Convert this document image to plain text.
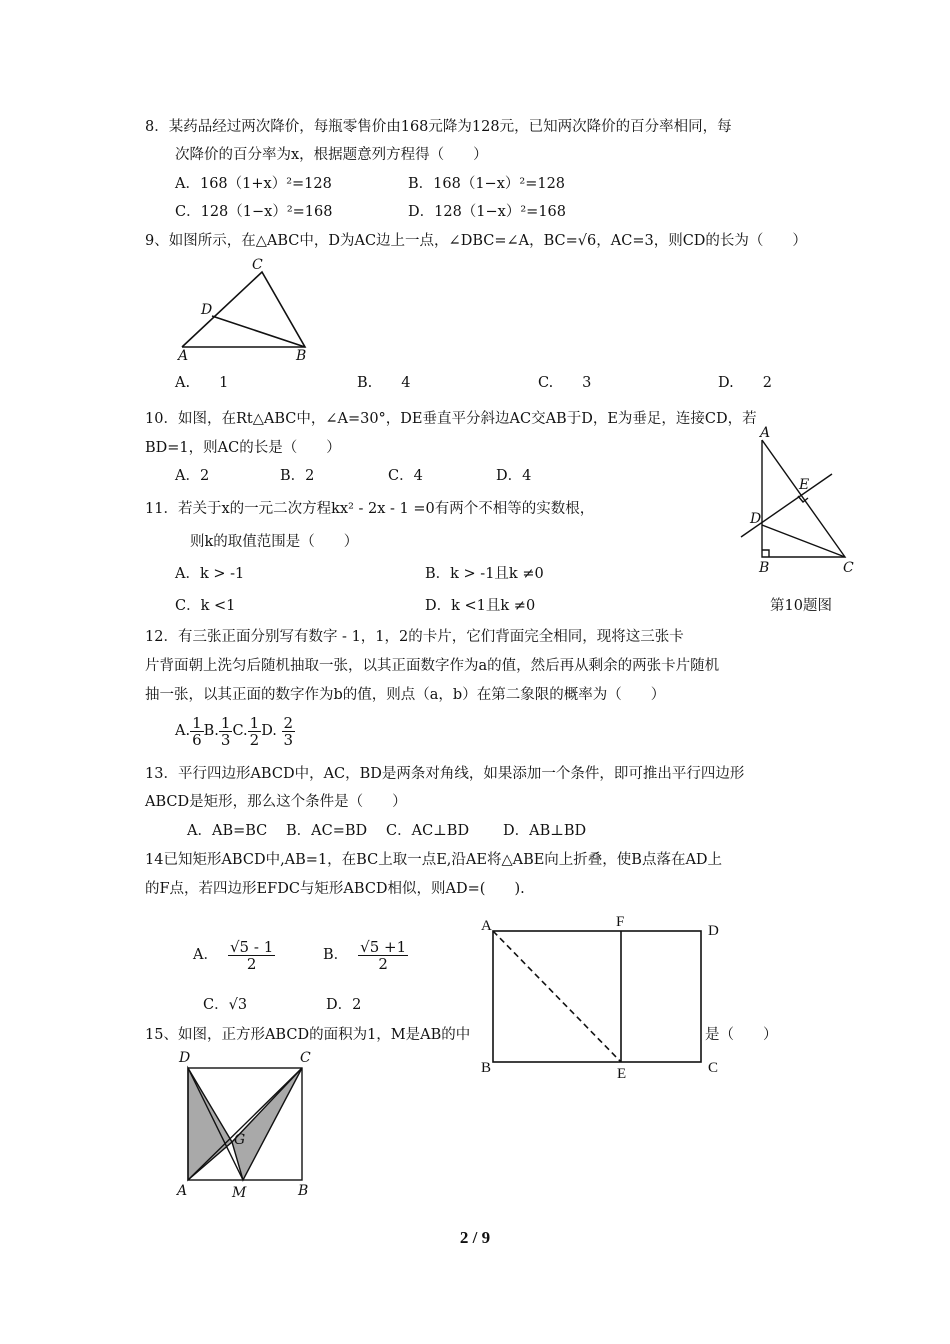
8．某药品经过两次降价，每瓶零售价由168元降为128元，已知两次降价的百分率相同，每
次降价的百分率为x，根据题意列方程得（　　）
A．168（1+x）²=128	B．168（1−x）²=128
C．128（1−x）²=168	D．128（1−x）²=168
9、如图所示，在△ABC中，D为AC边上一点，∠DBC=∠A，BC=√6，AC=3，则CD的长为（　　）
C
D
A	B
A.　　1	B.　　4	C.　　3	D.　　2
10．如图，在Rt△ABC中，∠A=30°，DE垂直平分斜边AC交AB于D，E为垂足，连接CD，若
BD=1，则AC的长是（　　）
A．2	B．2	C．4	D．4
A
E
D
B	C
第10题图
11．若关于x的一元二次方程kx² - 2x - 1 =0有两个不相等的实数根，
则k的取值范围是（　　）
A．k > -1	B．k > -1且k ≠0
C．k <1	D．k <1且k ≠0
12．有三张正面分别写有数字 - 1，1，2的卡片，它们背面完全相同，现将这三张卡
片背面朝上洗匀后随机抽取一张，以其正面数字作为a的值，然后再从剩余的两张卡片随机
抽一张，以其正面的数字作为b的值，则点（a，b）在第二象限的概率为（　　）
A. $\frac{1}{6} B$. $\frac{1}{3} C$. $\frac{1}{2} D$. $\frac{2}{3}$
13．平行四边形ABCD中，AC，BD是两条对角线，如果添加一个条件，即可推出平行四边形
ABCD是矩形，那么这个条件是（　　）
A．AB=BC B．AC=BD C．AC⊥BD D．AB⊥BD
14已知矩形ABCD中,AB=1，在BC上取一点E,沿AE将△ABE向上折叠，使B点落在AD上
的F点，若四边形EFDC与矩形ABCD相似，则AD=(　　).
A． $\frac{√5 - 1}{2}$	B． $\frac{√5 +1}{2}$
C．√3	D．2
A	F
D
B	E	C
15、如图，正方形ABCD的面积为1，M是AB的中	是（　　）
D	C
G
A	M	B
2 / 9
